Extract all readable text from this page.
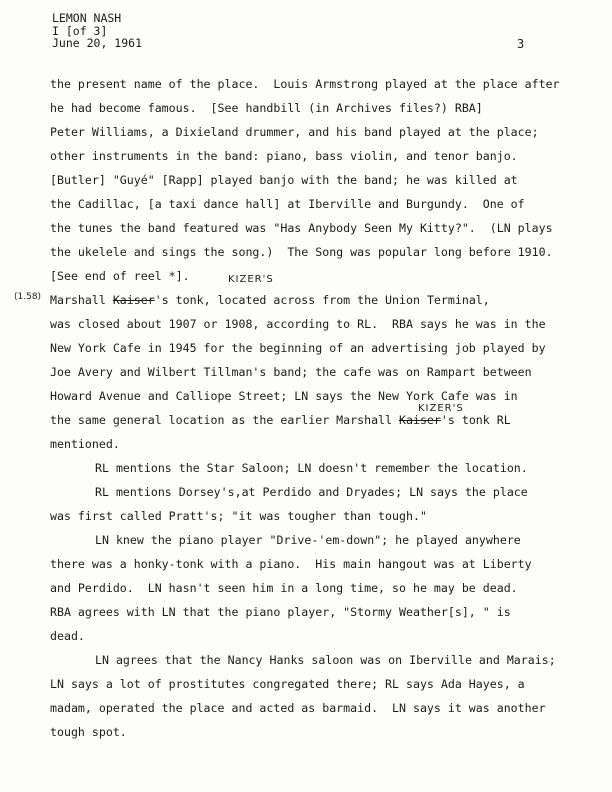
LEMON NASH
I [of 3]
June 20, 1961	3
(1.58)
KIZER'S
KIZER'S
the present name of the place.  Louis Armstrong played at the place after
he had become famous.  [See handbill (in Archives files?) RBA]
Peter Williams, a Dixieland drummer, and his band played at the place;
other instruments in the band: piano, bass violin, and tenor banjo.
[Butler] "Guyé" [Rapp] played banjo with the band; he was killed at
the Cadillac, [a taxi dance hall] at Iberville and Burgundy.  One of
the tunes the band featured was "Has Anybody Seen My Kitty?".  (LN plays
the ukelele and sings the song.)  The Song was popular long before 1910.
[See end of reel *].
Marshall Kaiser's tonk, located across from the Union Terminal,
was closed about 1907 or 1908, according to RL.  RBA says he was in the
New York Cafe in 1945 for the beginning of an advertising job played by
Joe Avery and Wilbert Tillman's band; the cafe was on Rampart between
Howard Avenue and Calliope Street; LN says the New York Cafe was in
the same general location as the earlier Marshall Kaiser's tonk RL
mentioned.
RL mentions the Star Saloon; LN doesn't remember the location.
RL mentions Dorsey's,at Perdido and Dryades; LN says the place
was first called Pratt's; "it was tougher than tough."
LN knew the piano player "Drive-'em-down"; he played anywhere
there was a honky-tonk with a piano.  His main hangout was at Liberty
and Perdido.  LN hasn't seen him in a long time, so he may be dead.
RBA agrees with LN that the piano player, "Stormy Weather[s], " is
dead.
LN agrees that the Nancy Hanks saloon was on Iberville and Marais;
LN says a lot of prostitutes congregated there; RL says Ada Hayes, a
madam, operated the place and acted as barmaid.  LN says it was another
tough spot.
